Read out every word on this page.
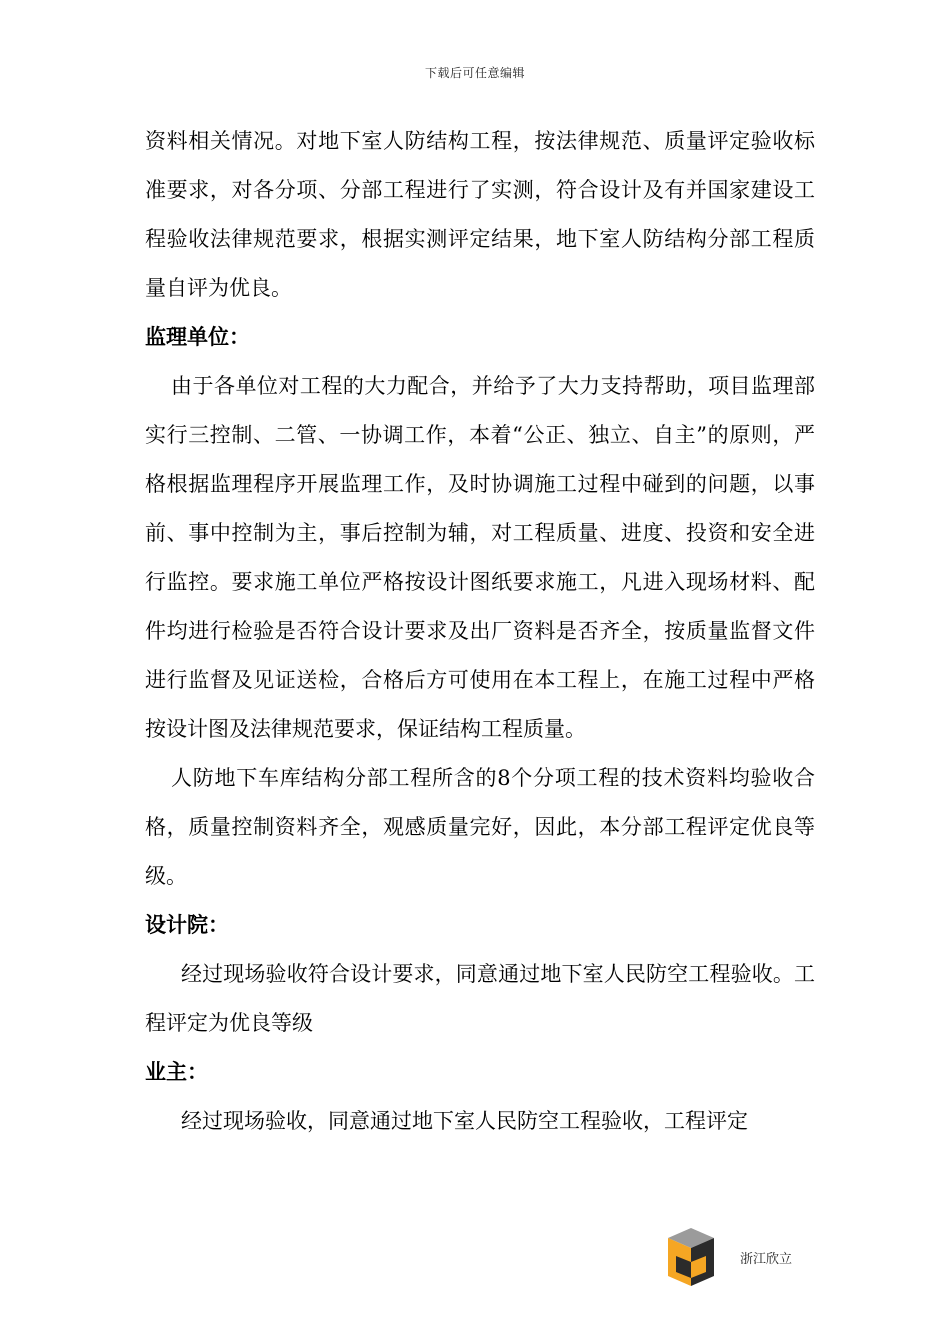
下载后可任意编辑

资料相关情况。对地下室人防结构工程，按法律规范、质量评定验收标准要求，对各分项、分部工程进行了实测，符合设计及有并国家建设工程验收法律规范要求，根据实测评定结果，地下室人防结构分部工程质量自评为优良。

监理单位：

由于各单位对工程的大力配合，并给予了大力支持帮助，项目监理部实行三控制、二管、一协调工作，本着“公正、独立、自主”的原则，严格根据监理程序开展监理工作，及时协调施工过程中碰到的问题，以事前、事中控制为主，事后控制为辅，对工程质量、进度、投资和安全进行监控。要求施工单位严格按设计图纸要求施工，凡进入现场材料、配件均进行检验是否符合设计要求及出厂资料是否齐全，按质量监督文件进行监督及见证送检，合格后方可使用在本工程上，在施工过程中严格按设计图及法律规范要求，保证结构工程质量。

人防地下车库结构分部工程所含的8个分项工程的技术资料均验收合格，质量控制资料齐全，观感质量完好，因此，本分部工程评定优良等级。

设计院：

经过现场验收符合设计要求，同意通过地下室人民防空工程验收。工程评定为优良等级

业主：

经过现场验收，同意通过地下室人民防空工程验收，工程评定

浙江欣立
